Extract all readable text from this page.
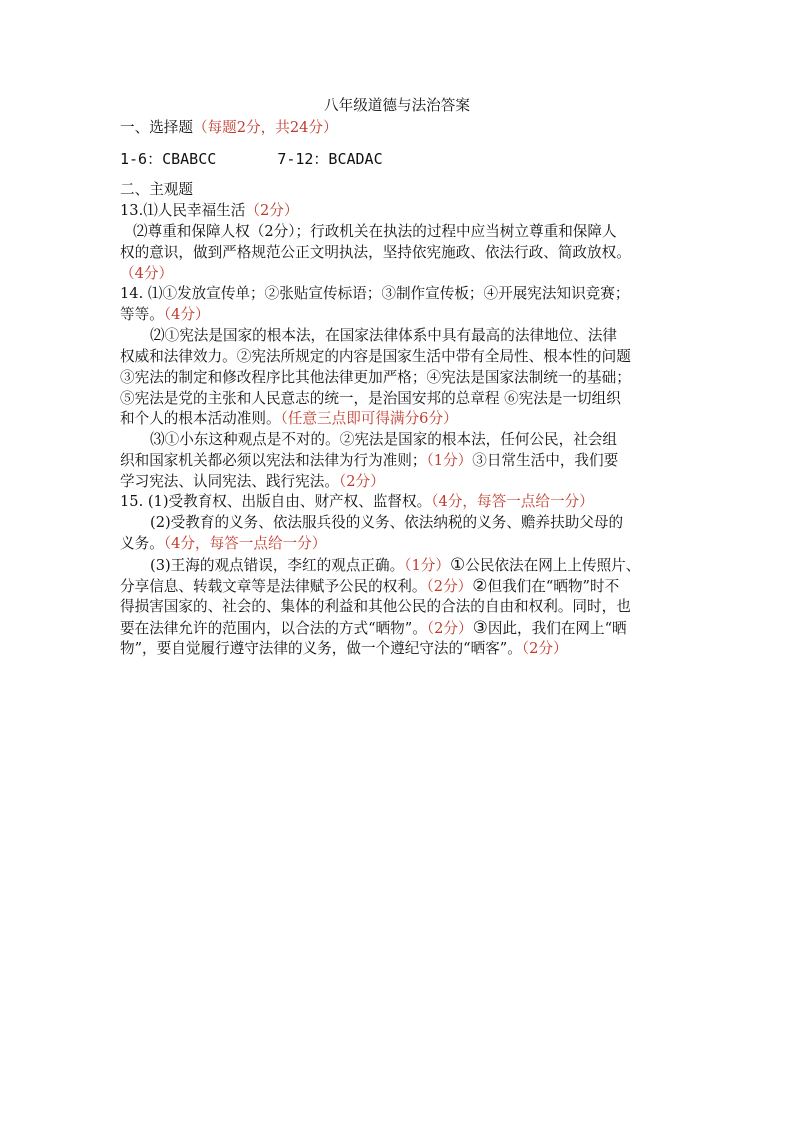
八年级道德与法治答案
一、选择题（每题2分，共24分）
1-6：CBABCC	7-12：BCADAC
二、主观题
13.⑴人民幸福生活（2分）
⑵尊重和保障人权（2分）；行政机关在执法的过程中应当树立尊重和保障人
权的意识，做到严格规范公正文明执法，坚持依宪施政、依法行政、简政放权。
（4分）
14. ⑴①发放宣传单；②张贴宣传标语；③制作宣传板；④开展宪法知识竞赛；
等等。（4分）
⑵①宪法是国家的根本法，在国家法律体系中具有最高的法律地位、法律
权威和法律效力。②宪法所规定的内容是国家生活中带有全局性、根本性的问题
③宪法的制定和修改程序比其他法律更加严格；④宪法是国家法制统一的基础；
⑤宪法是党的主张和人民意志的统一，是治国安邦的总章程 ⑥宪法是一切组织
和个人的根本活动准则。（任意三点即可得满分6分）
⑶①小东这种观点是不对的。②宪法是国家的根本法，任何公民，社会组
织和国家机关都必须以宪法和法律为行为准则；（1分）③日常生活中，我们要
学习宪法、认同宪法、践行宪法。（2分）
15. (1)受教育权、出版自由、财产权、监督权。（4分，每答一点给一分）
(2)受教育的义务、依法服兵役的义务、依法纳税的义务、赡养扶助父母的
义务。（4分，每答一点给一分）
(3)王海的观点错误，李红的观点正确。（1分）①公民依法在网上上传照片、
分享信息、转载文章等是法律赋予公民的权利。（2分）②但我们在“晒物”时不
得损害国家的、社会的、集体的利益和其他公民的合法的自由和权利。同时，也
要在法律允许的范围内，以合法的方式“晒物”。（2分）③因此，我们在网上“晒
物”，要自觉履行遵守法律的义务，做一个遵纪守法的“晒客”。（2分）
